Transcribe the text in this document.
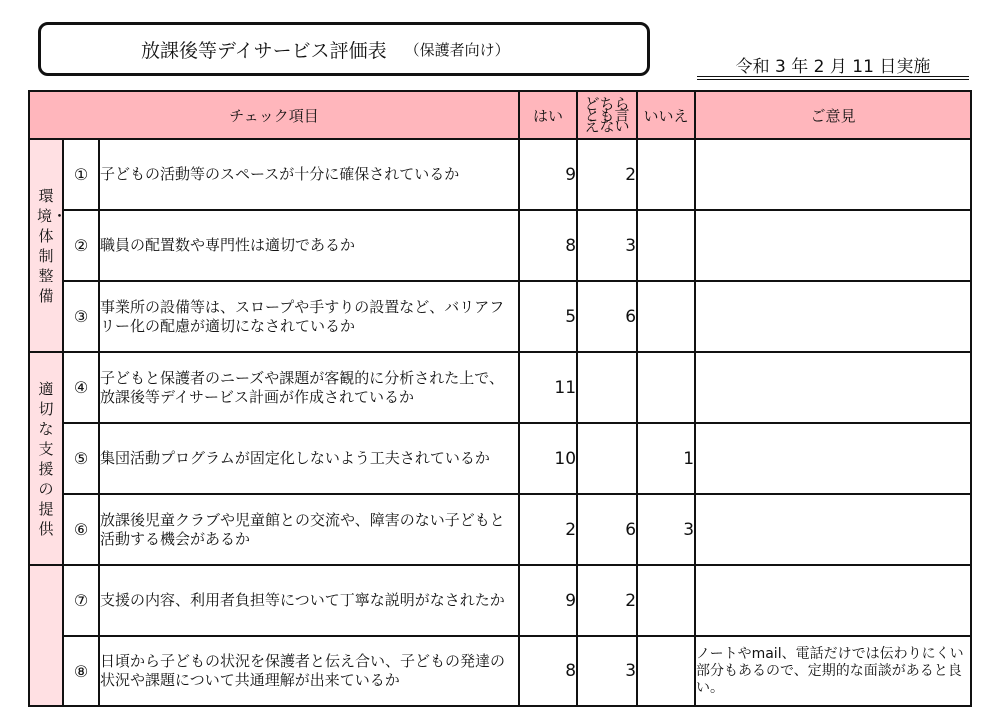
放課後等デイサービス評価表 （保護者向け）
令和 3 年 2 月 11 日実施
チェック項目			はい	どちらとも言えない	いいえ	ご意見
環境・体制整備	①	子どもの活動等のスペースが十分に確保されているか	9	2		
	②	職員の配置数や専門性は適切であるか	8	3		
	③	事業所の設備等は、スロープや手すりの設置など、バリアフリー化の配慮が適切になされているか	5	6		
適切な支援の提供	④	子どもと保護者のニーズや課題が客観的に分析された上で、放課後等デイサービス計画が作成されているか	11			
	⑤	集団活動プログラムが固定化しないよう工夫されているか	10		1	
	⑥	放課後児童クラブや児童館との交流や、障害のない子どもと活動する機会があるか	2	6	3	
	⑦	支援の内容、利用者負担等について丁寧な説明がなされたか	9	2		
	⑧	日頃から子どもの状況を保護者と伝え合い、子どもの発達の状況や課題について共通理解が出来ているか	8	3		ノートやmail、電話だけでは伝わりにくい部分もあるので、定期的な面談があると良い。
